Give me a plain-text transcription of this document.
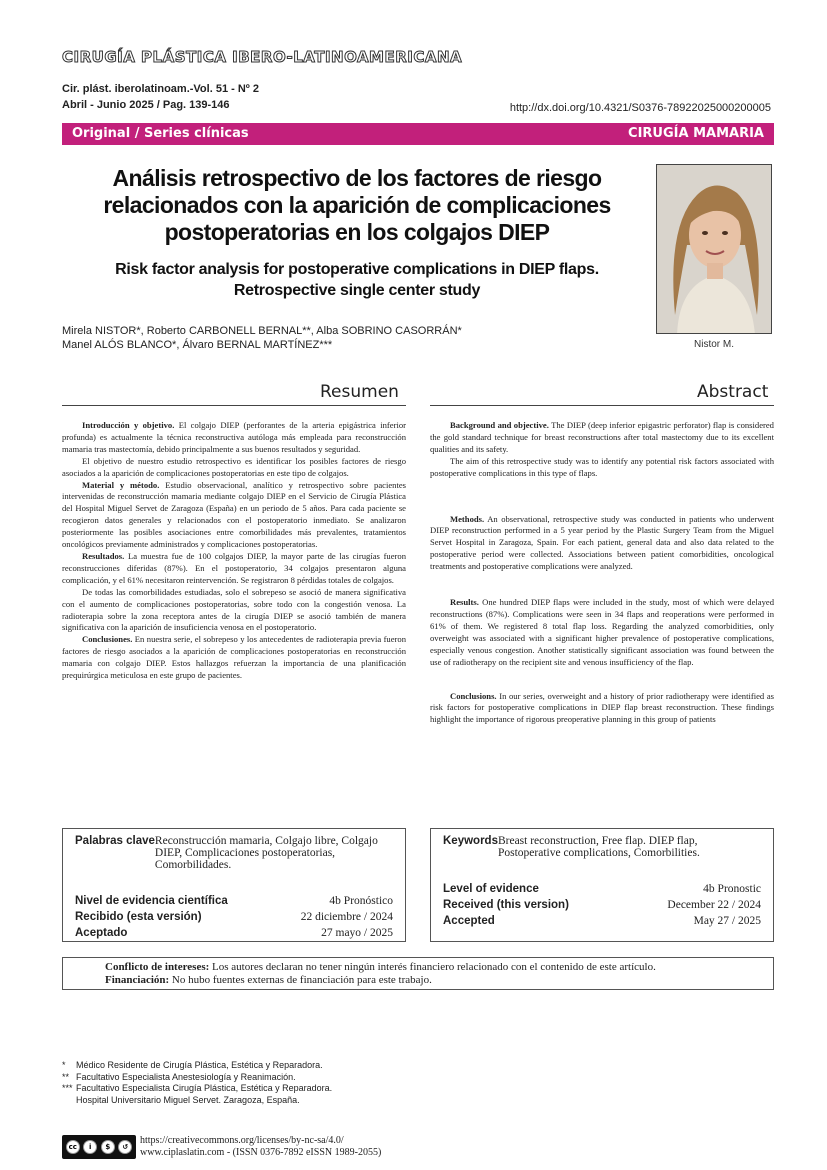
CIRUGÍA PLÁSTICA IBERO-LATINOAMERICANA
Cir. plást. iberolatinoam.-Vol. 51 - Nº 2
Abril - Junio 2025 / Pag. 139-146	http://dx.doi.org/10.4321/S0376-78922025000200005
Original / Series clínicas	CIRUGÍA MAMARIA
Análisis retrospectivo de los factores de riesgo
relacionados con la aparición de complicaciones
postoperatorias en los colgajos DIEP
Risk factor analysis for postoperative complications in DIEP flaps.
Retrospective single center study
Nistor M.
Mirela NISTOR*, Roberto CARBONELL BERNAL**, Alba SOBRINO CASORRÁN*
Manel ALÓS BLANCO*, Álvaro BERNAL MARTÍNEZ***
Resumen	Abstract

Introducción y objetivo. El colgajo DIEP (perforantes de la arteria epigástrica inferior profunda) es actualmente la técnica reconstructiva autóloga más empleada para reconstrucción mamaria tras mastectomía, debido principalmente a sus buenos resultados y seguridad.

El objetivo de nuestro estudio retrospectivo es identificar los posibles factores de riesgo asociados a la aparición de complicaciones postoperatorias en este tipo de colgajos.

Material y método. Estudio observacional, analítico y retrospectivo sobre pacientes intervenidas de reconstrucción mamaria mediante colgajo DIEP en el Servicio de Cirugía Plástica del Hospital Miguel Servet de Zaragoza (España) en un periodo de 5 años. Para cada paciente se recogieron datos generales y relacionados con el postoperatorio inmediato. Se analizaron posteriormente las posibles asociaciones entre comorbilidades más prevalentes, tratamientos oncológicos previamente administrados y complicaciones postoperatorias.

Resultados. La muestra fue de 100 colgajos DIEP, la mayor parte de las cirugías fueron reconstrucciones diferidas (87%). En el postoperatorio, 34 colgajos presentaron alguna complicación, y el 61% necesitaron reintervención. Se registraron 8 pérdidas totales de colgajos.

De todas las comorbilidades estudiadas, solo el sobrepeso se asoció de manera significativa con el aumento de complicaciones postoperatorias, sobre todo con la congestión venosa. La radioterapia sobre la zona receptora antes de la cirugía DIEP se asoció también de manera significativa con la aparición de insuficiencia venosa en el postoperatorio.

Conclusiones. En nuestra serie, el sobrepeso y los antecedentes de radioterapia previa fueron factores de riesgo asociados a la aparición de complicaciones postoperatorias en reconstrucción mamaria con colgajo DIEP. Estos hallazgos refuerzan la importancia de una planificación prequirúrgica meticulosa en este grupo de pacientes.

Background and objective. The DIEP (deep inferior epigastric perforator) flap is considered the gold standard technique for breast reconstructions after total mastectomy due to its excellent qualities and its safety.

The aim of this retrospective study was to identify any potential risk factors associated with postoperative complications in this type of flaps.

Methods. An observational, retrospective study was conducted in patients who underwent DIEP reconstruction performed in a 5 year period by the Plastic Surgery Team from the Miguel Servet Hospital in Zaragoza, Spain. For each patient, general data and also data related to the postoperative period were collected. Associations between patient comorbidities, oncological treatments and postoperative complications were analyzed.

Results. One hundred DIEP flaps were included in the study, most of which were delayed reconstructions (87%). Complications were seen in 34 flaps and reoperations were performed in 61% of them. We registered 8 total flap loss. Regarding the analyzed comorbidities, only overweight was associated with a significant higher prevalence of postoperative complications, especially venous congestion. Another statistically significant association was found between the use of radiotherapy on the recipient site and venous insufficiency of the flap.

Conclusions. In our series, overweight and a history of prior radiotherapy were identified as risk factors for postoperative complications in DIEP flap breast reconstruction. These findings highlight the importance of rigorous preoperative planning in this group of patients

Palabras clave Reconstrucción mamaria, Colgajo libre, Colgajo DIEP, Complicaciones postoperatorias, Comorbilidades.
Nivel de evidencia científica	4b Pronóstico
Recibido (esta versión)	22 diciembre / 2024
Aceptado	27 mayo / 2025
Keywords Breast reconstruction, Free flap. DIEP flap, Postoperative complications, Comorbilities.
Level of evidence	4b Pronostic
Received (this version)	December 22 / 2024
Accepted	May 27 / 2025
Conflicto de intereses: Los autores declaran no tener ningún interés financiero relacionado con el contenido de este artículo.
Financiación: No hubo fuentes externas de financiación para este trabajo.
*	Médico Residente de Cirugía Plástica, Estética y Reparadora.
** Facultativo Especialista Anestesiología y Reanimación.
*** Facultativo Especialista Cirugía Plástica, Estética y Reparadora.
Hospital Universitario Miguel Servet. Zaragoza, España.
cc	i	$	↺
https://creativecommons.org/licenses/by-nc-sa/4.0/
www.ciplaslatin.com - (ISSN 0376-7892 eISSN 1989-2055)
